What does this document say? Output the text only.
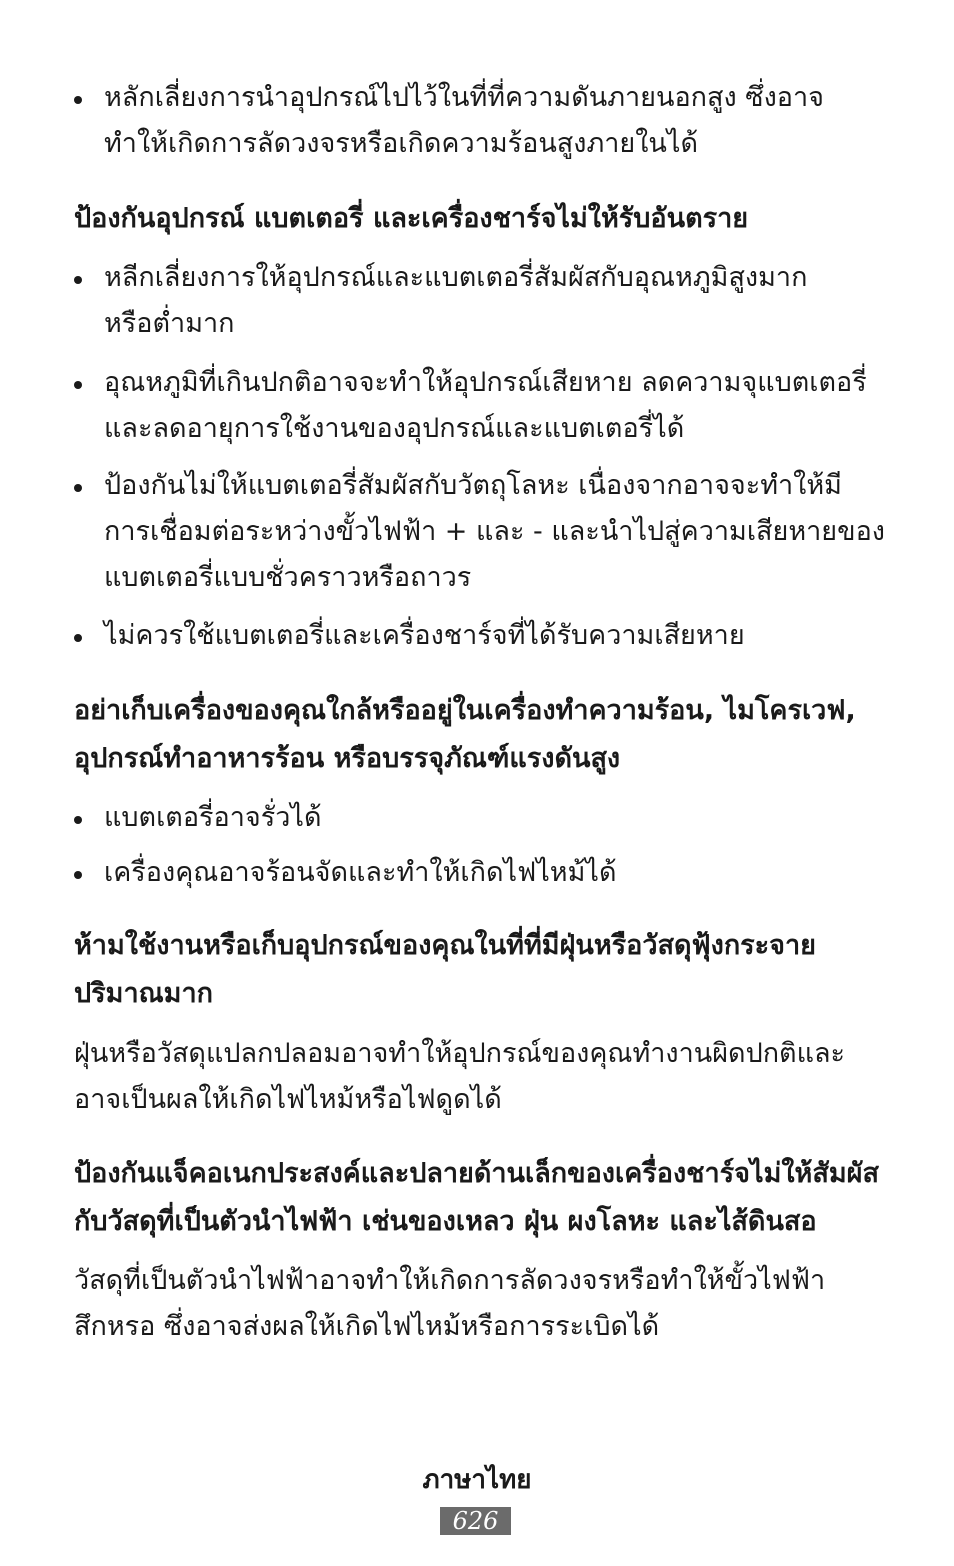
หลักเลี่ยงการนำอุปกรณ์ไปไว้ในที่ที่ความดันภายนอกสูง ซึ่งอาจ
ทำให้เกิดการลัดวงจรหรือเกิดความร้อนสูงภายในได้
ป้องกันอุปกรณ์ แบตเตอรี่ และเครื่องชาร์จไม่ให้รับอันตราย
หลีกเลี่ยงการให้อุปกรณ์และแบตเตอรี่สัมผัสกับอุณหภูมิสูงมาก
หรือต่ำมาก
อุณหภูมิที่เกินปกติอาจจะทำให้อุปกรณ์เสียหาย ลดความจุแบตเตอรี่
และลดอายุการใช้งานของอุปกรณ์และแบตเตอรี่ได้
ป้องกันไม่ให้แบตเตอรี่สัมผัสกับวัตถุโลหะ เนื่องจากอาจจะทำให้มี
การเชื่อมต่อระหว่างขั้วไฟฟ้า + และ - และนำไปสู่ความเสียหายของ
แบตเตอรี่แบบชั่วคราวหรือถาวร
ไม่ควรใช้แบตเตอรี่และเครื่องชาร์จที่ได้รับความเสียหาย
อย่าเก็บเครื่องของคุณใกล้หรืออยู่ในเครื่องทำความร้อน, ไมโครเวฟ,
อุปกรณ์ทำอาหารร้อน หรือบรรจุภัณฑ์แรงดันสูง
แบตเตอรี่อาจรั่วได้
เครื่องคุณอาจร้อนจัดและทำให้เกิดไฟไหม้ได้
ห้ามใช้งานหรือเก็บอุปกรณ์ของคุณในที่ที่มีฝุ่นหรือวัสดุฟุ้งกระจาย
ปริมาณมาก
ฝุ่นหรือวัสดุแปลกปลอมอาจทำให้อุปกรณ์ของคุณทำงานผิดปกติและ
อาจเป็นผลให้เกิดไฟไหม้หรือไฟดูดได้
ป้องกันแจ็คอเนกประสงค์และปลายด้านเล็กของเครื่องชาร์จไม่ให้สัมผัส
กับวัสดุที่เป็นตัวนำไฟฟ้า เช่นของเหลว ฝุ่น ผงโลหะ และไส้ดินสอ
วัสดุที่เป็นตัวนำไฟฟ้าอาจทำให้เกิดการลัดวงจรหรือทำให้ขั้วไฟฟ้า
สึกหรอ ซึ่งอาจส่งผลให้เกิดไฟไหม้หรือการระเบิดได้
ภาษาไทย
626
